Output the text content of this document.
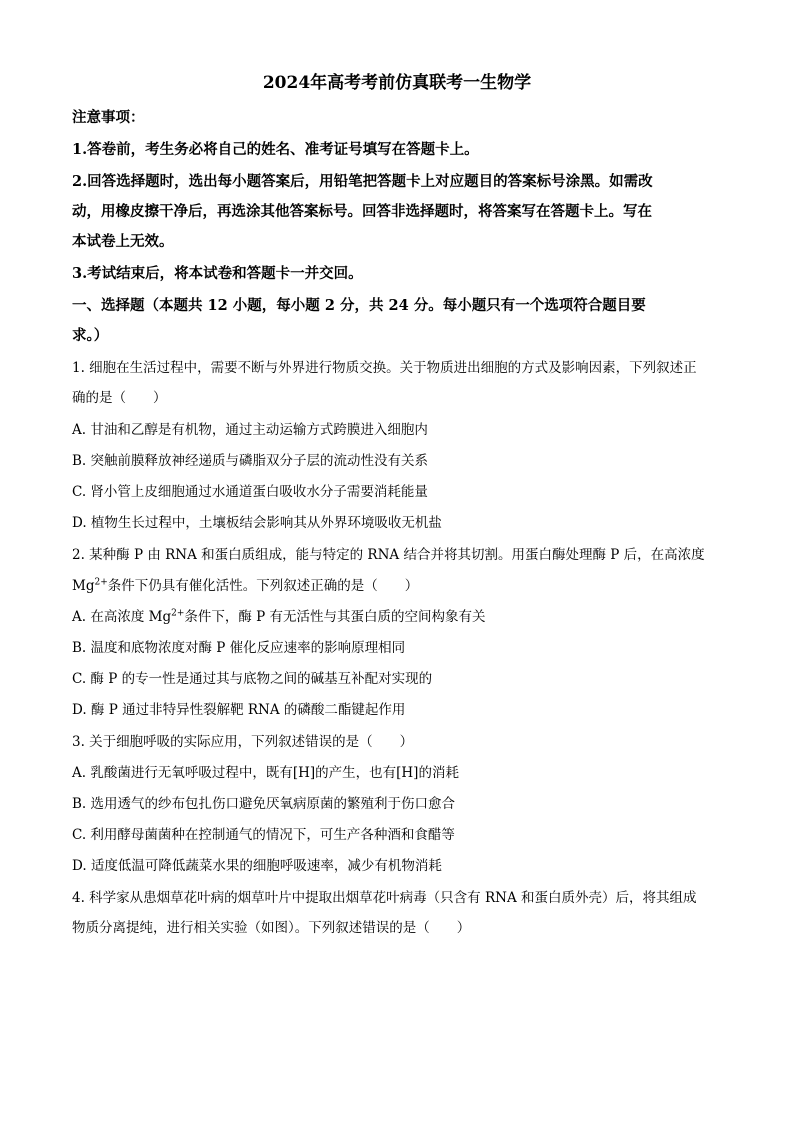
2024年高考考前仿真联考一生物学
注意事项：
1.答卷前，考生务必将自己的姓名、准考证号填写在答题卡上。
2.回答选择题时，选出每小题答案后，用铅笔把答题卡上对应题目的答案标号涂黑。如需改
动，用橡皮擦干净后，再选涂其他答案标号。回答非选择题时，将答案写在答题卡上。写在
本试卷上无效。
3.考试结束后，将本试卷和答题卡一并交回。
一、选择题（本题共 12 小题，每小题 2 分，共 24 分。每小题只有一个选项符合题目要
求。）
1. 细胞在生活过程中，需要不断与外界进行物质交换。关于物质进出细胞的方式及影响因素，下列叙述正
确的是（　　）
A. 甘油和乙醇是有机物，通过主动运输方式跨膜进入细胞内
B. 突触前膜释放神经递质与磷脂双分子层的流动性没有关系
C. 肾小管上皮细胞通过水通道蛋白吸收水分子需要消耗能量
D. 植物生长过程中，土壤板结会影响其从外界环境吸收无机盐
2. 某种酶 P 由 RNA 和蛋白质组成，能与特定的 RNA 结合并将其切割。用蛋白酶处理酶 P 后，在高浓度
$Mg^{2+}$条件下仍具有催化活性。下列叙述正确的是（　　）
A. 在高浓度 $Mg^{2+}$条件下，酶 P 有无活性与其蛋白质的空间构象有关
B. 温度和底物浓度对酶 P 催化反应速率的影响原理相同
C. 酶 P 的专一性是通过其与底物之间的碱基互补配对实现的
D. 酶 P 通过非特异性裂解靶 RNA 的磷酸二酯键起作用
3. 关于细胞呼吸的实际应用，下列叙述错误的是（　　）
A. 乳酸菌进行无氧呼吸过程中，既有[H]的产生，也有[H]的消耗
B. 选用透气的纱布包扎伤口避免厌氧病原菌的繁殖利于伤口愈合
C. 利用酵母菌菌种在控制通气的情况下，可生产各种酒和食醋等
D. 适度低温可降低蔬菜水果的细胞呼吸速率，减少有机物消耗
4. 科学家从患烟草花叶病的烟草叶片中提取出烟草花叶病毒（只含有 RNA 和蛋白质外壳）后，将其组成
物质分离提纯，进行相关实验（如图）。下列叙述错误的是（　　）
